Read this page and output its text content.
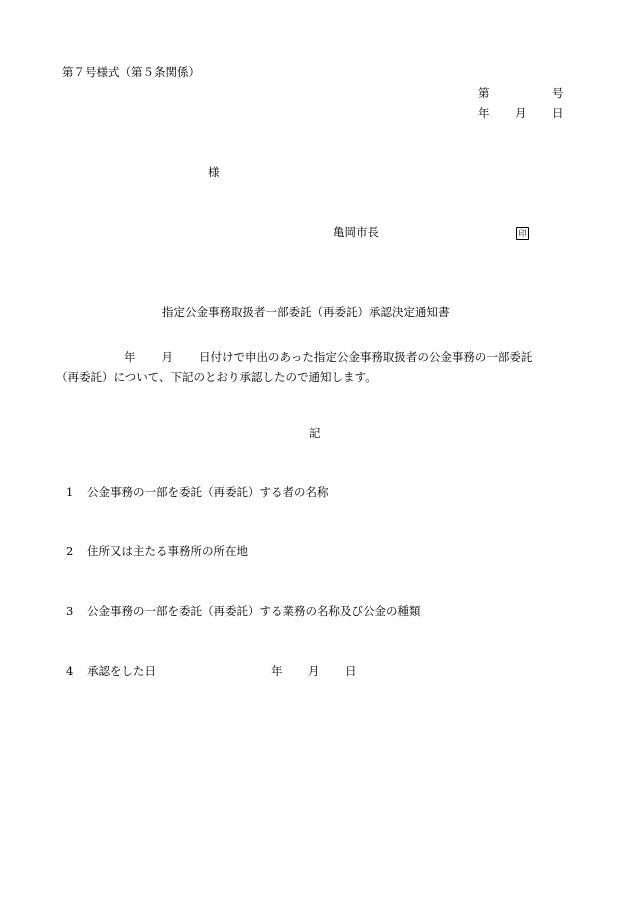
第７号様式（第５条関係）
第	号
年 月 日
様
亀岡市長	印
指定公金事務取扱者一部委託（再委託）承認決定通知書

年 月 日付けで申出のあった指定公金事務取扱者の公金事務の一部委託

（再委託）について、下記のとおり承認したので通知します。

記
1 公金事務の一部を委託（再委託）する者の名称
2 住所又は主たる事務所の所在地
3 公金事務の一部を委託（再委託）する業務の名称及び公金の種類
4 承認をした日	年 月 日
